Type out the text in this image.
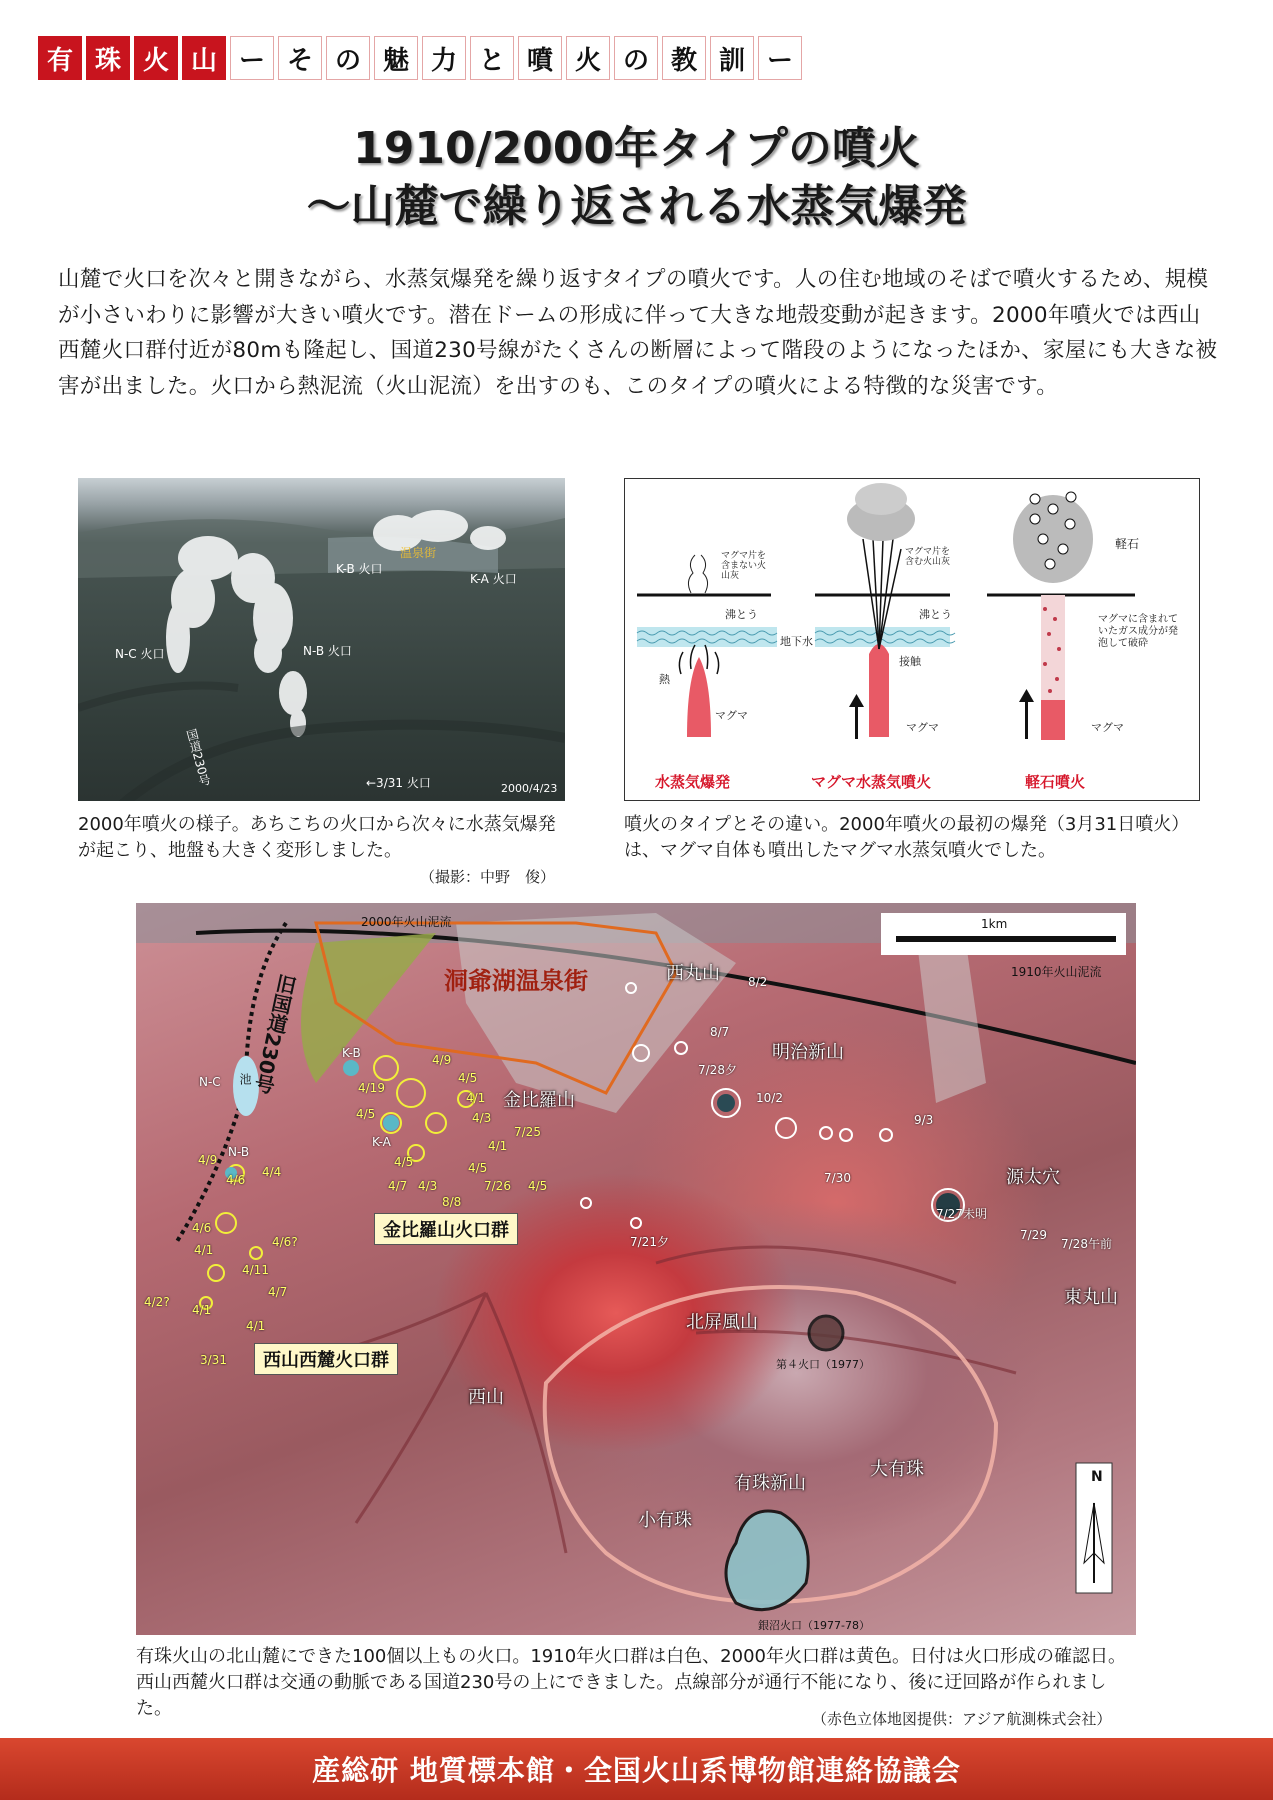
有 珠 火 山 ー そ の 魅 力 と 噴 火 の 教 訓 ー
1910/2000年タイプの噴火
〜山麓で繰り返される水蒸気爆発
山麓で火口を次々と開きながら、水蒸気爆発を繰り返すタイプの噴火です。人の住む地域のそばで噴火するため、規模が小さいわりに影響が大きい噴火です。潜在ドームの形成に伴って大きな地殻変動が起きます。2000年噴火では西山西麓火口群付近が80mも隆起し、国道230号線がたくさんの断層によって階段のようになったほか、家屋にも大きな被害が出ました。火口から熱泥流（火山泥流）を出すのも、このタイプの噴火による特徴的な災害です。
温泉街
K-B 火口
K-A 火口
N-C 火口	N-B 火口
国道230号	←3/31 火口	2000/4/23
2000年噴火の様子。あちこちの火口から次々に水蒸気爆発が起こり、地盤も大きく変形しました。
（撮影：中野　俊）
マグマ片を含まない火山灰
マグマ片を含む火山灰
軽石
沸とう	沸とう
地下水
接触
熱
マグマに含まれていたガス成分が発泡して破砕
マグマ
マグマ	マグマ
水蒸気爆発	マグマ水蒸気噴火	軽石噴火
噴火のタイプとその違い。2000年噴火の最初の爆発（3月31日噴火）は、マグマ自体も噴出したマグマ水蒸気噴火でした。
1km
N
2000年火山泥流
1910年火山泥流
洞爺湖温泉街
旧国道230号
池
西丸山
明治新山
金比羅山
源太穴
東丸山
北屏風山
西山
有珠新山
大有珠
小有珠
金比羅山火口群
西山西麓火口群	第４火口（1977）
銀沼火口（1977-78）
K-B
K-A
N-C
N-B
8/2
8/7
7/28夕
10/2
9/3
7/30
7/21夕
7/27未明
7/29
7/28午前
4/9
4/19
4/5
4/5
4/1
4/3
4/1
7/25
4/5
4/7 4/3	7/26
8/8
4/5
4/9
4/6
4/4
4/6
4/1
4/11
4/7
4/2?
4/1
4/6?
4/1
3/31
4/5
有珠火山の北山麓にできた100個以上もの火口。1910年火口群は白色、2000年火口群は黄色。日付は火口形成の確認日。西山西麓火口群は交通の動脈である国道230号の上にできました。点線部分が通行不能になり、後に迂回路が作られました。	（赤色立体地図提供：アジア航測株式会社）
産総研 地質標本館・全国火山系博物館連絡協議会
